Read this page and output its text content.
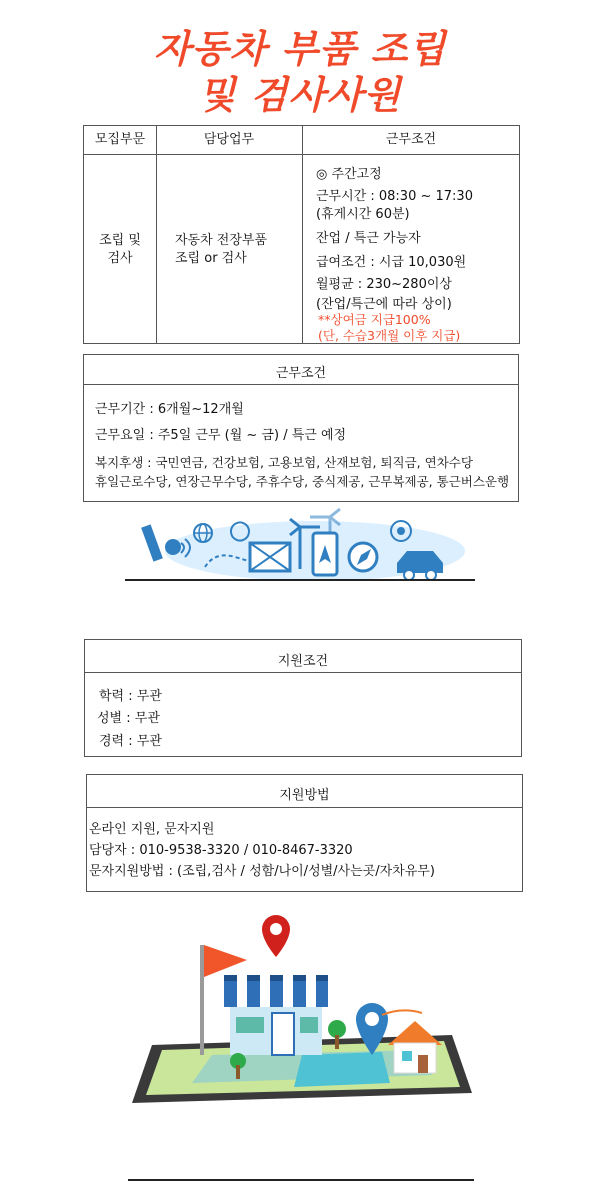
자동차 부품 조립
및 검사사원
모집부문	담당업무	근무조건
조립 및
검사
자동차 전장부품
조립 or 검사
◎ 주간고정
근무시간 : 08:30 ~ 17:30
(휴게시간 60분)
잔업 / 특근 가능자
급여조건 : 시급 10,030원
월평균 : 230~280이상
(잔업/특근에 따라 상이)
**상여금 지급100%
(단, 수습3개월 이후 지급)
근무조건
근무기간 : 6개월~12개월
근무요일 : 주5일 근무 (월 ~ 금) / 특근 예정
복지후생 : 국민연금, 건강보험, 고용보험, 산재보험, 퇴직금, 연차수당
휴일근로수당, 연장근무수당, 주휴수당, 중식제공, 근무복제공, 통근버스운행
지원조건
학력 : 무관
성별 : 무관
경력 : 무관
지원방법
온라인 지원, 문자지원
담당자 : 010-9538-3320 / 010-8467-3320
문자지원방법 : (조립,검사 / 성함/나이/성별/사는곳/자차유무)
